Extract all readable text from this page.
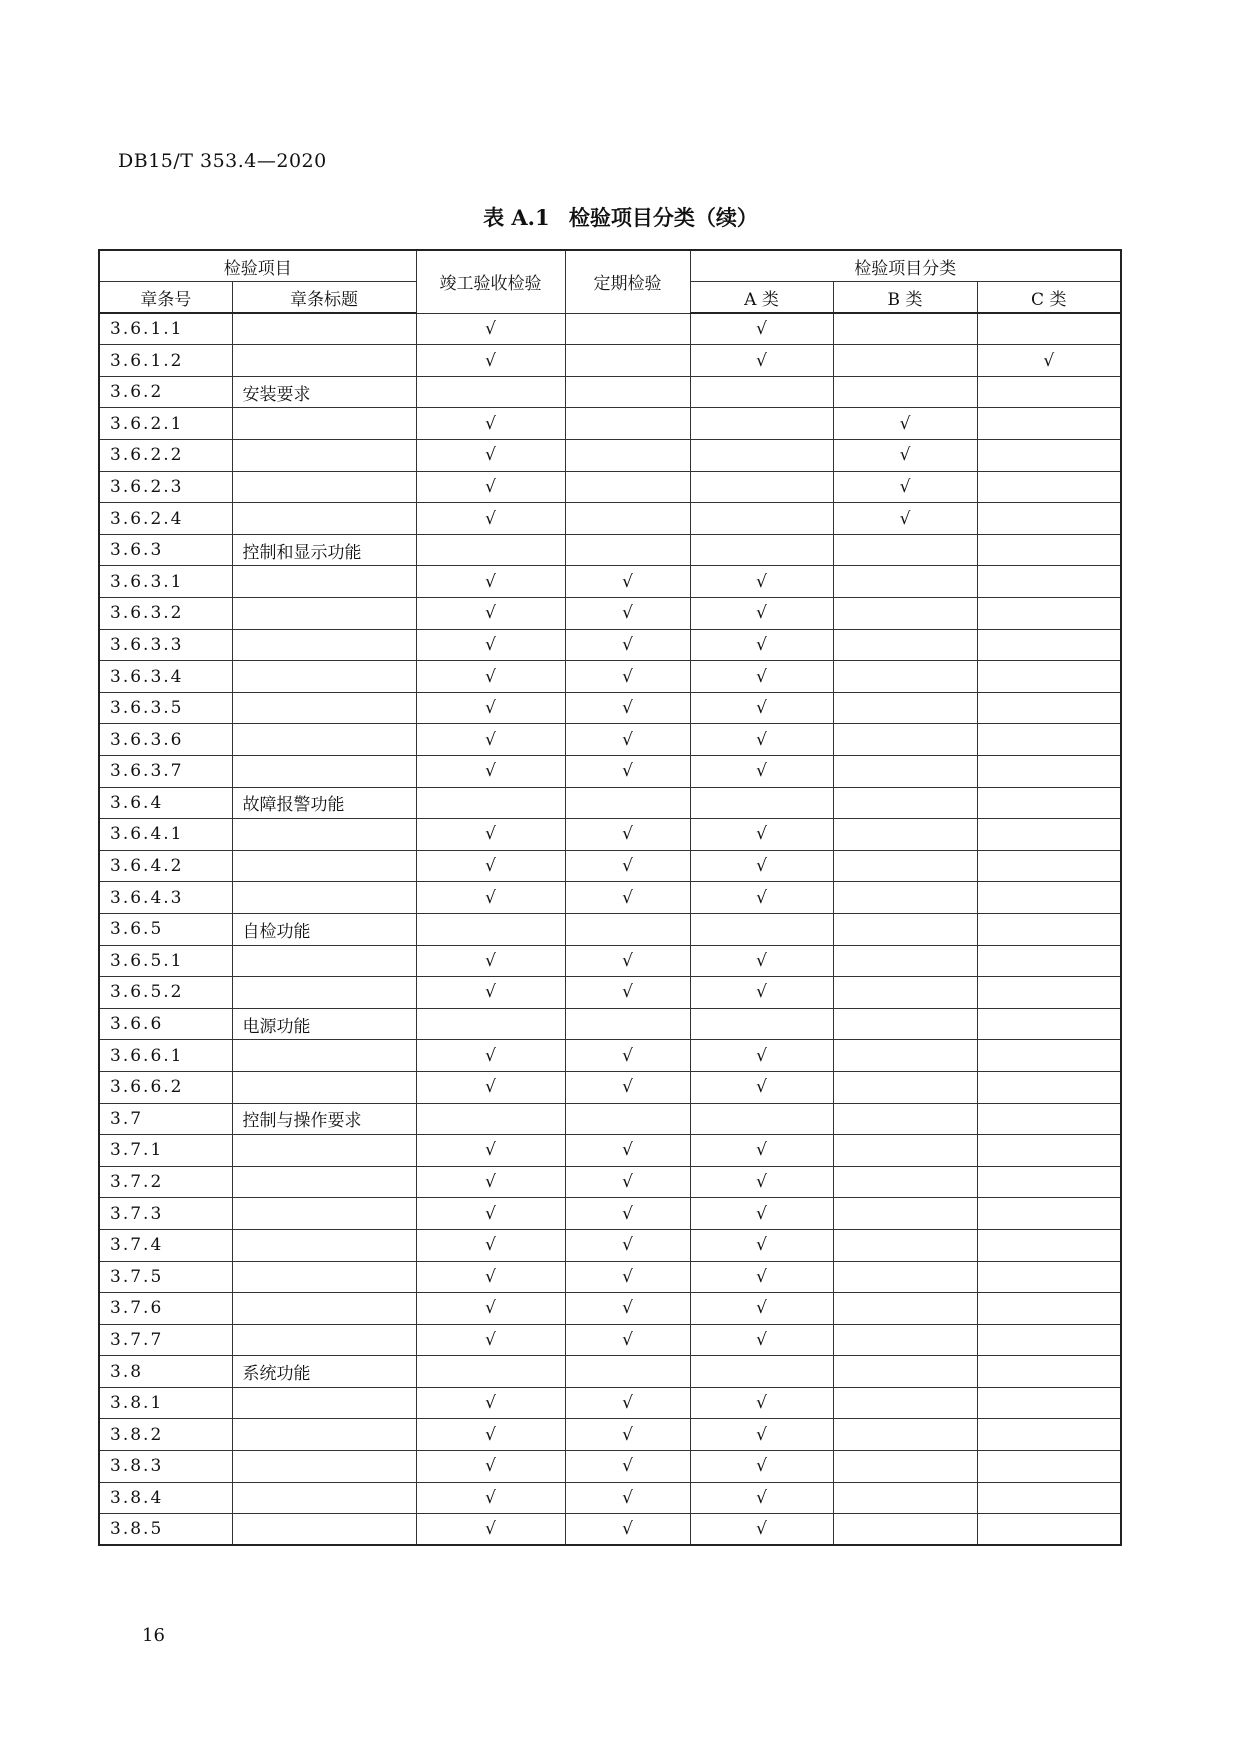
DB15/T 353.4—2020
表 A.1 检验项目分类（续）
检验项目		竣工验收检验	定期检验	检验项目分类		
章条号	章条标题			A 类	B 类	C 类
3.6.1.1		√		√		
3.6.1.2		√		√		√
3.6.2	安装要求					
3.6.2.1		√			√	
3.6.2.2		√			√	
3.6.2.3		√			√	
3.6.2.4		√			√	
3.6.3	控制和显示功能					
3.6.3.1		√	√	√		
3.6.3.2		√	√	√		
3.6.3.3		√	√	√		
3.6.3.4		√	√	√		
3.6.3.5		√	√	√		
3.6.3.6		√	√	√		
3.6.3.7		√	√	√		
3.6.4	故障报警功能					
3.6.4.1		√	√	√		
3.6.4.2		√	√	√		
3.6.4.3		√	√	√		
3.6.5	自检功能					
3.6.5.1		√	√	√		
3.6.5.2		√	√	√		
3.6.6	电源功能					
3.6.6.1		√	√	√		
3.6.6.2		√	√	√		
3.7	控制与操作要求					
3.7.1		√	√	√		
3.7.2		√	√	√		
3.7.3		√	√	√		
3.7.4		√	√	√		
3.7.5		√	√	√		
3.7.6		√	√	√		
3.7.7		√	√	√		
3.8	系统功能					
3.8.1		√	√	√		
3.8.2		√	√	√		
3.8.3		√	√	√		
3.8.4		√	√	√		
3.8.5		√	√	√		
16
